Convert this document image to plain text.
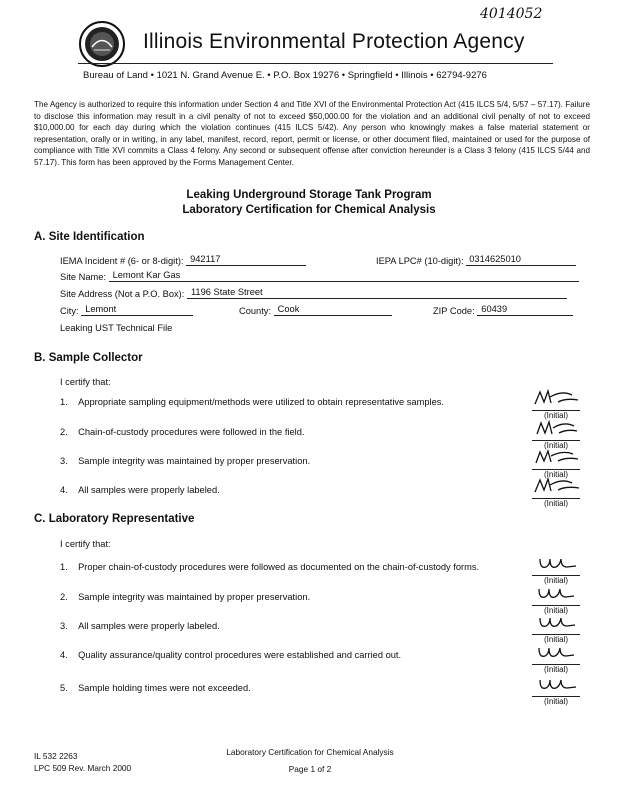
4014052
Illinois Environmental Protection Agency
Bureau of Land • 1021 N. Grand Avenue E. • P.O. Box 19276 • Springfield • Illinois • 62794-9276
The Agency is authorized to require this information under Section 4 and Title XVI of the Environmental Protection Act (415 ILCS 5/4, 5/57 – 57.17). Failure to disclose this information may result in a civil penalty of not to exceed $50,000.00 for the violation and an additional civil penalty of not to exceed $10,000.00 for each day during which the violation continues (415 ILCS 5/42). Any person who knowingly makes a false material statement or representation, orally or in writing, in any label, manifest, record, report, permit or license, or other document filed, maintained or used for the purpose of compliance with Title XVI commits a Class 4 felony. Any second or subsequent offense after conviction hereunder is a Class 3 felony (415 ILCS 5/44 and 57.17). This form has been approved by the Forms Management Center.
Leaking Underground Storage Tank Program
Laboratory Certification for Chemical Analysis
A. Site Identification
IEMA Incident # (6- or 8-digit): 942117	IEPA LPC# (10-digit): 0314625010
Site Name: Lemont Kar Gas
Site Address (Not a P.O. Box): 1196 State Street
City: Lemont	County: Cook	ZIP Code: 60439
Leaking UST Technical File
B. Sample Collector
I certify that:
1. Appropriate sampling equipment/methods were utilized to obtain representative samples.
2. Chain-of-custody procedures were followed in the field.
3. Sample integrity was maintained by proper preservation.
4. All samples were properly labeled.
(Initial)
(Initial)
(Initial)
(Initial)
C. Laboratory Representative
I certify that:
1. Proper chain-of-custody procedures were followed as documented on the chain-of-custody forms.
2. Sample integrity was maintained by proper preservation.
3. All samples were properly labeled.
4. Quality assurance/quality control procedures were established and carried out.
5. Sample holding times were not exceeded.
(Initial)
(Initial)
(Initial)
(Initial)
(Initial)
IL 532 2263
LPC 509 Rev. March 2000
Laboratory Certification for Chemical Analysis
Page 1 of 2
